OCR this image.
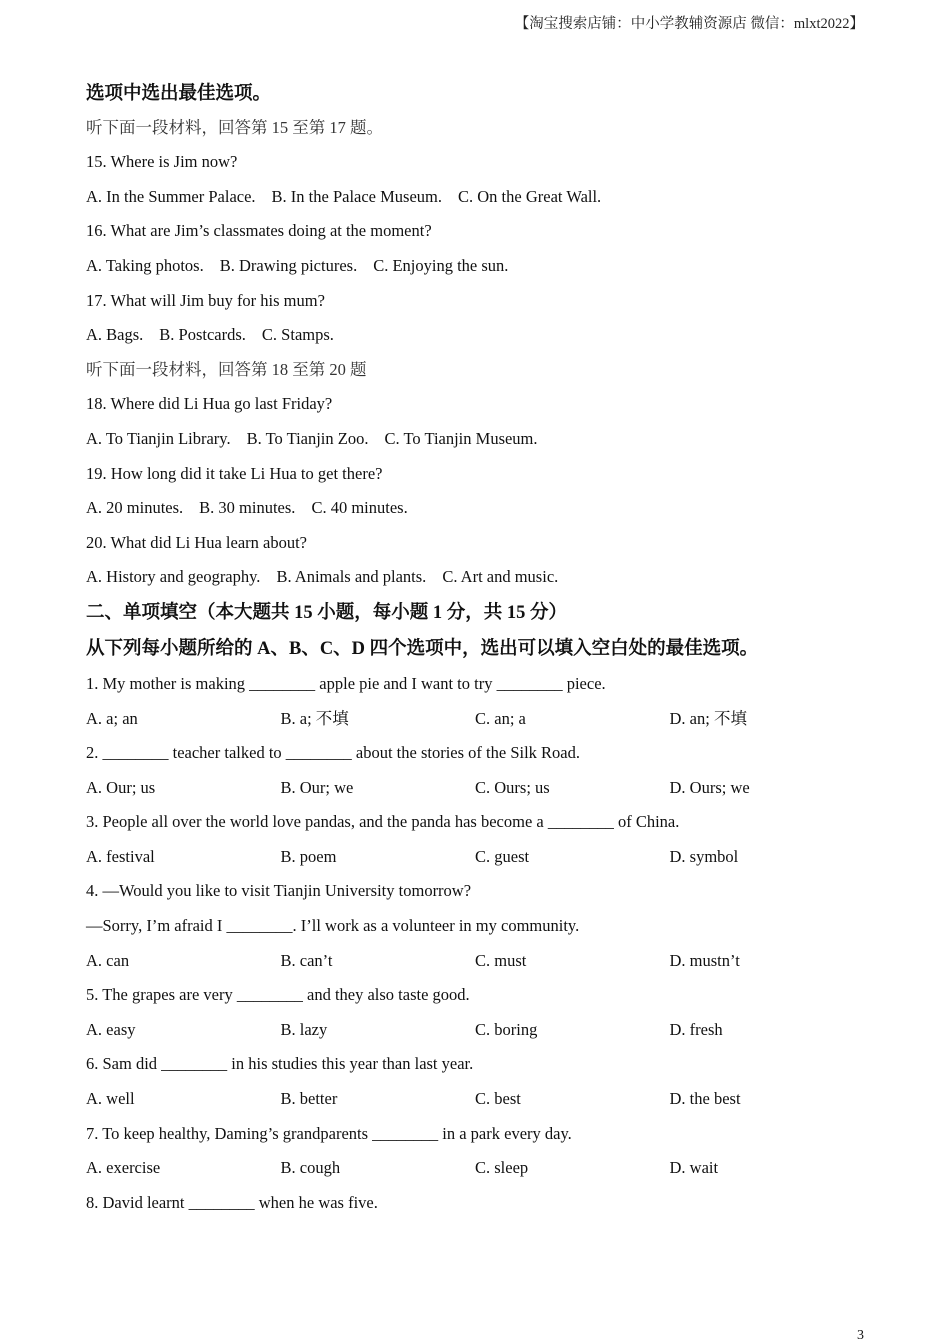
【淘宝搜索店铺：中小学教辅资源店 微信：mlxt2022】
选项中选出最佳选项。
听下面一段材料，回答第 15 至第 17 题。
15. Where is Jim now?
A. In the Summer Palace. B. In the Palace Museum. C. On the Great Wall.
16. What are Jim’s classmates doing at the moment?
A. Taking photos. B. Drawing pictures. C. Enjoying the sun.
17. What will Jim buy for his mum?
A. Bags. B. Postcards. C. Stamps.
听下面一段材料，回答第 18 至第 20 题
18. Where did Li Hua go last Friday?
A. To Tianjin Library. B. To Tianjin Zoo. C. To Tianjin Museum.
19. How long did it take Li Hua to get there?
A. 20 minutes. B. 30 minutes. C. 40 minutes.
20. What did Li Hua learn about?
A. History and geography. B. Animals and plants. C. Art and music.
二、单项填空（本大题共 15 小题，每小题 1 分，共 15 分）
从下列每小题所给的 A、B、C、D 四个选项中，选出可以填入空白处的最佳选项。
1. My mother is making ________ apple pie and I want to try ________ piece.
A. a; an	B. a; 不填	C. an; a	D. an; 不填
2. ________ teacher talked to ________ about the stories of the Silk Road.
A. Our; us	B. Our; we	C. Ours; us	D. Ours; we
3. People all over the world love pandas, and the panda has become a ________ of China.
A. festival	B. poem	C. guest	D. symbol
4. —Would you like to visit Tianjin University tomorrow?
—Sorry, I’m afraid I ________. I’ll work as a volunteer in my community.
A. can	B. can’t	C. must	D. mustn’t
5. The grapes are very ________ and they also taste good.
A. easy	B. lazy	C. boring	D. fresh
6. Sam did ________ in his studies this year than last year.
A. well	B. better	C. best	D. the best
7. To keep healthy, Daming’s grandparents ________ in a park every day.
A. exercise	B. cough	C. sleep	D. wait
8. David learnt ________ when he was five.
3
